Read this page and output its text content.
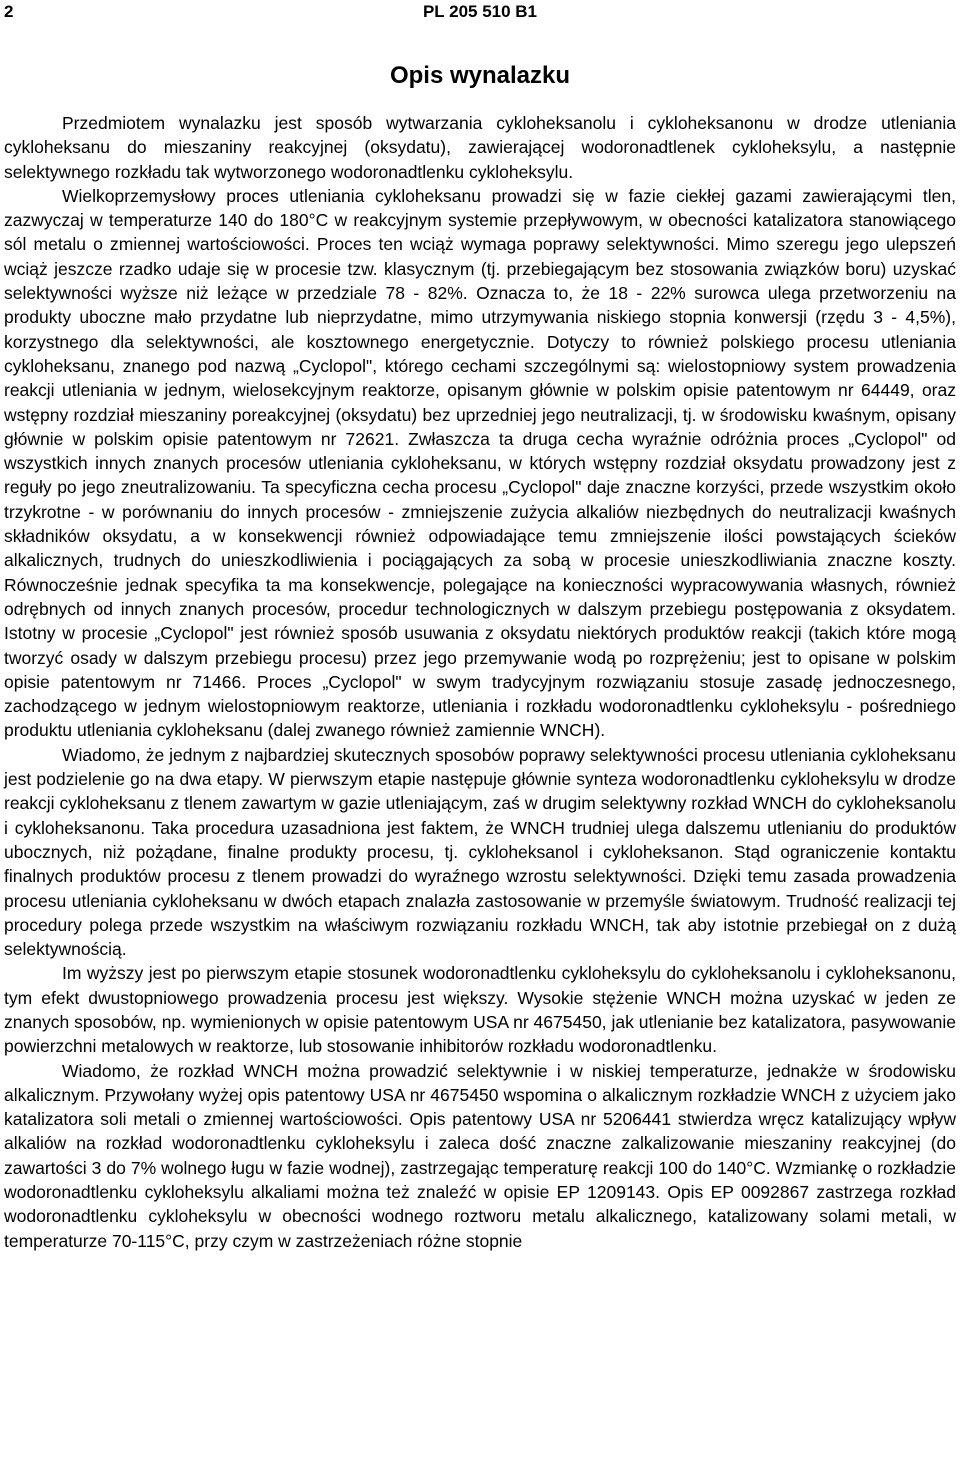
2	PL 205 510 B1
Opis wynalazku

Przedmiotem wynalazku jest sposób wytwarzania cykloheksanolu i cykloheksanonu w drodze utleniania cykloheksanu do mieszaniny reakcyjnej (oksydatu), zawierającej wodoronadtlenek cykloheksylu, a następnie selektywnego rozkładu tak wytworzonego wodoronadtlenku cykloheksylu.

Wielkoprzemysłowy proces utleniania cykloheksanu prowadzi się w fazie ciekłej gazami zawierającymi tlen, zazwyczaj w temperaturze 140 do 180°C w reakcyjnym systemie przepływowym, w obecności katalizatora stanowiącego sól metalu o zmiennej wartościowości. Proces ten wciąż wymaga poprawy selektywności. Mimo szeregu jego ulepszeń wciąż jeszcze rzadko udaje się w procesie tzw. klasycznym (tj. przebiegającym bez stosowania związków boru) uzyskać selektywności wyższe niż leżące w przedziale 78 - 82%. Oznacza to, że 18 - 22% surowca ulega przetworzeniu na produkty uboczne mało przydatne lub nieprzydatne, mimo utrzymywania niskiego stopnia konwersji (rzędu 3 - 4,5%), korzystnego dla selektywności, ale kosztownego energetycznie. Dotyczy to również polskiego procesu utleniania cykloheksanu, znanego pod nazwą „Cyclopol", którego cechami szczególnymi są: wielostopniowy system prowadzenia reakcji utleniania w jednym, wielosekcyjnym reaktorze, opisanym głównie w polskim opisie patentowym nr 64449, oraz wstępny rozdział mieszaniny poreakcyjnej (oksydatu) bez uprzedniej jego neutralizacji, tj. w środowisku kwaśnym, opisany głównie w polskim opisie patentowym nr 72621. Zwłaszcza ta druga cecha wyraźnie odróżnia proces „Cyclopol" od wszystkich innych znanych procesów utleniania cykloheksanu, w których wstępny rozdział oksydatu prowadzony jest z reguły po jego zneutralizowaniu. Ta specyficzna cecha procesu „Cyclopol" daje znaczne korzyści, przede wszystkim około trzykrotne - w porównaniu do innych procesów - zmniejszenie zużycia alkaliów niezbędnych do neutralizacji kwaśnych składników oksydatu, a w konsekwencji również odpowiadające temu zmniejszenie ilości powstających ścieków alkalicznych, trudnych do unieszkodliwienia i pociągających za sobą w procesie unieszkodliwiania znaczne koszty. Równocześnie jednak specyfika ta ma konsekwencje, polegające na konieczności wypracowywania własnych, również odrębnych od innych znanych procesów, procedur technologicznych w dalszym przebiegu postępowania z oksydatem. Istotny w procesie „Cyclopol" jest również sposób usuwania z oksydatu niektórych produktów reakcji (takich które mogą tworzyć osady w dalszym przebiegu procesu) przez jego przemywanie wodą po rozprężeniu; jest to opisane w polskim opisie patentowym nr 71466. Proces „Cyclopol" w swym tradycyjnym rozwiązaniu stosuje zasadę jednoczesnego, zachodzącego w jednym wielostopniowym reaktorze, utleniania i rozkładu wodoronadtlenku cykloheksylu - pośredniego produktu utleniania cykloheksanu (dalej zwanego również zamiennie WNCH).

Wiadomo, że jednym z najbardziej skutecznych sposobów poprawy selektywności procesu utleniania cykloheksanu jest podzielenie go na dwa etapy. W pierwszym etapie następuje głównie synteza wodoronadtlenku cykloheksylu w drodze reakcji cykloheksanu z tlenem zawartym w gazie utleniającym, zaś w drugim selektywny rozkład WNCH do cykloheksanolu i cykloheksanonu. Taka procedura uzasadniona jest faktem, że WNCH trudniej ulega dalszemu utlenianiu do produktów ubocznych, niż pożądane, finalne produkty procesu, tj. cykloheksanol i cykloheksanon. Stąd ograniczenie kontaktu finalnych produktów procesu z tlenem prowadzi do wyraźnego wzrostu selektywności. Dzięki temu zasada prowadzenia procesu utleniania cykloheksanu w dwóch etapach znalazła zastosowanie w przemyśle światowym. Trudność realizacji tej procedury polega przede wszystkim na właściwym rozwiązaniu rozkładu WNCH, tak aby istotnie przebiegał on z dużą selektywnością.

Im wyższy jest po pierwszym etapie stosunek wodoronadtlenku cykloheksylu do cykloheksanolu i cykloheksanonu, tym efekt dwustopniowego prowadzenia procesu jest większy. Wysokie stężenie WNCH można uzyskać w jeden ze znanych sposobów, np. wymienionych w opisie patentowym USA nr 4675450, jak utlenianie bez katalizatora, pasywowanie powierzchni metalowych w reaktorze, lub stosowanie inhibitorów rozkładu wodoronadtlenku.

Wiadomo, że rozkład WNCH można prowadzić selektywnie i w niskiej temperaturze, jednakże w środowisku alkalicznym. Przywołany wyżej opis patentowy USA nr 4675450 wspomina o alkalicznym rozkładzie WNCH z użyciem jako katalizatora soli metali o zmiennej wartościowości. Opis patentowy USA nr 5206441 stwierdza wręcz katalizujący wpływ alkaliów na rozkład wodoronadtlenku cykloheksylu i zaleca dość znaczne zalkalizowanie mieszaniny reakcyjnej (do zawartości 3 do 7% wolnego ługu w fazie wodnej), zastrzegając temperaturę reakcji 100 do 140°C. Wzmiankę o rozkładzie wodoronadtlenku cykloheksylu alkaliami można też znaleźć w opisie EP 1209143. Opis EP 0092867 zastrzega rozkład wodoronadtlenku cykloheksylu w obecności wodnego roztworu metalu alkalicznego, katalizowany solami metali, w temperaturze 70-115°C, przy czym w zastrzeżeniach różne stopnie
